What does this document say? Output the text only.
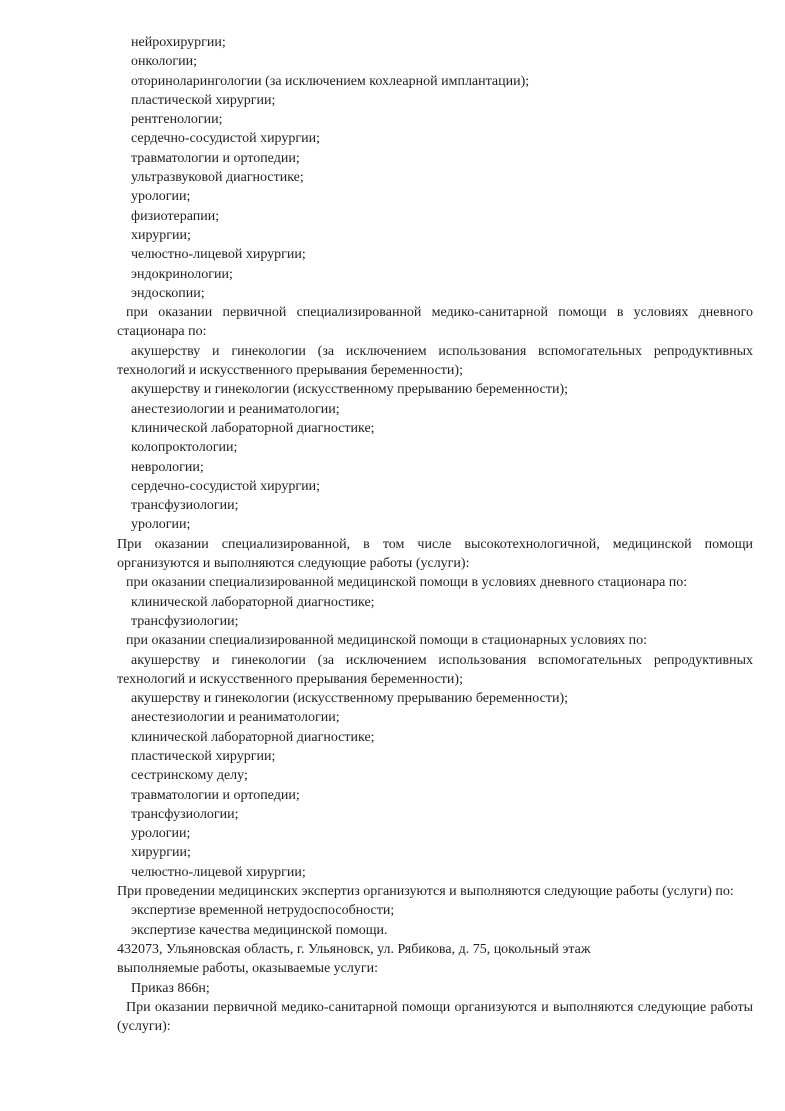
нейрохирургии;

онкологии;

оториноларингологии (за исключением кохлеарной имплантации);

пластической хирургии;

рентгенологии;

сердечно-сосудистой хирургии;

травматологии и ортопедии;

ультразвуковой диагностике;

урологии;

физиотерапии;

хирургии;

челюстно-лицевой хирургии;

эндокринологии;

эндоскопии;

при оказании первичной специализированной медико-санитарной помощи в условиях дневного стационара по:

акушерству и гинекологии (за исключением использования вспомогательных репродуктивных технологий и искусственного прерывания беременности);

акушерству и гинекологии (искусственному прерыванию беременности);

анестезиологии и реаниматологии;

клинической лабораторной диагностике;

колопроктологии;

неврологии;

сердечно-сосудистой хирургии;

трансфузиологии;

урологии;

При оказании специализированной, в том числе высокотехнологичной, медицинской помощи организуются и выполняются следующие работы (услуги):

при оказании специализированной медицинской помощи в условиях дневного стационара по:

клинической лабораторной диагностике;

трансфузиологии;

при оказании специализированной медицинской помощи в стационарных условиях по:

акушерству и гинекологии (за исключением использования вспомогательных репродуктивных технологий и искусственного прерывания беременности);

акушерству и гинекологии (искусственному прерыванию беременности);

анестезиологии и реаниматологии;

клинической лабораторной диагностике;

пластической хирургии;

сестринскому делу;

травматологии и ортопедии;

трансфузиологии;

урологии;

хирургии;

челюстно-лицевой хирургии;

При проведении медицинских экспертиз организуются и выполняются следующие работы (услуги) по:

экспертизе временной нетрудоспособности;

экспертизе качества медицинской помощи.

432073, Ульяновская область, г. Ульяновск, ул. Рябикова, д. 75, цокольный этаж

выполняемые работы, оказываемые услуги:

Приказ 866н;

При оказании первичной медико-санитарной помощи организуются и выполняются следующие работы (услуги):
